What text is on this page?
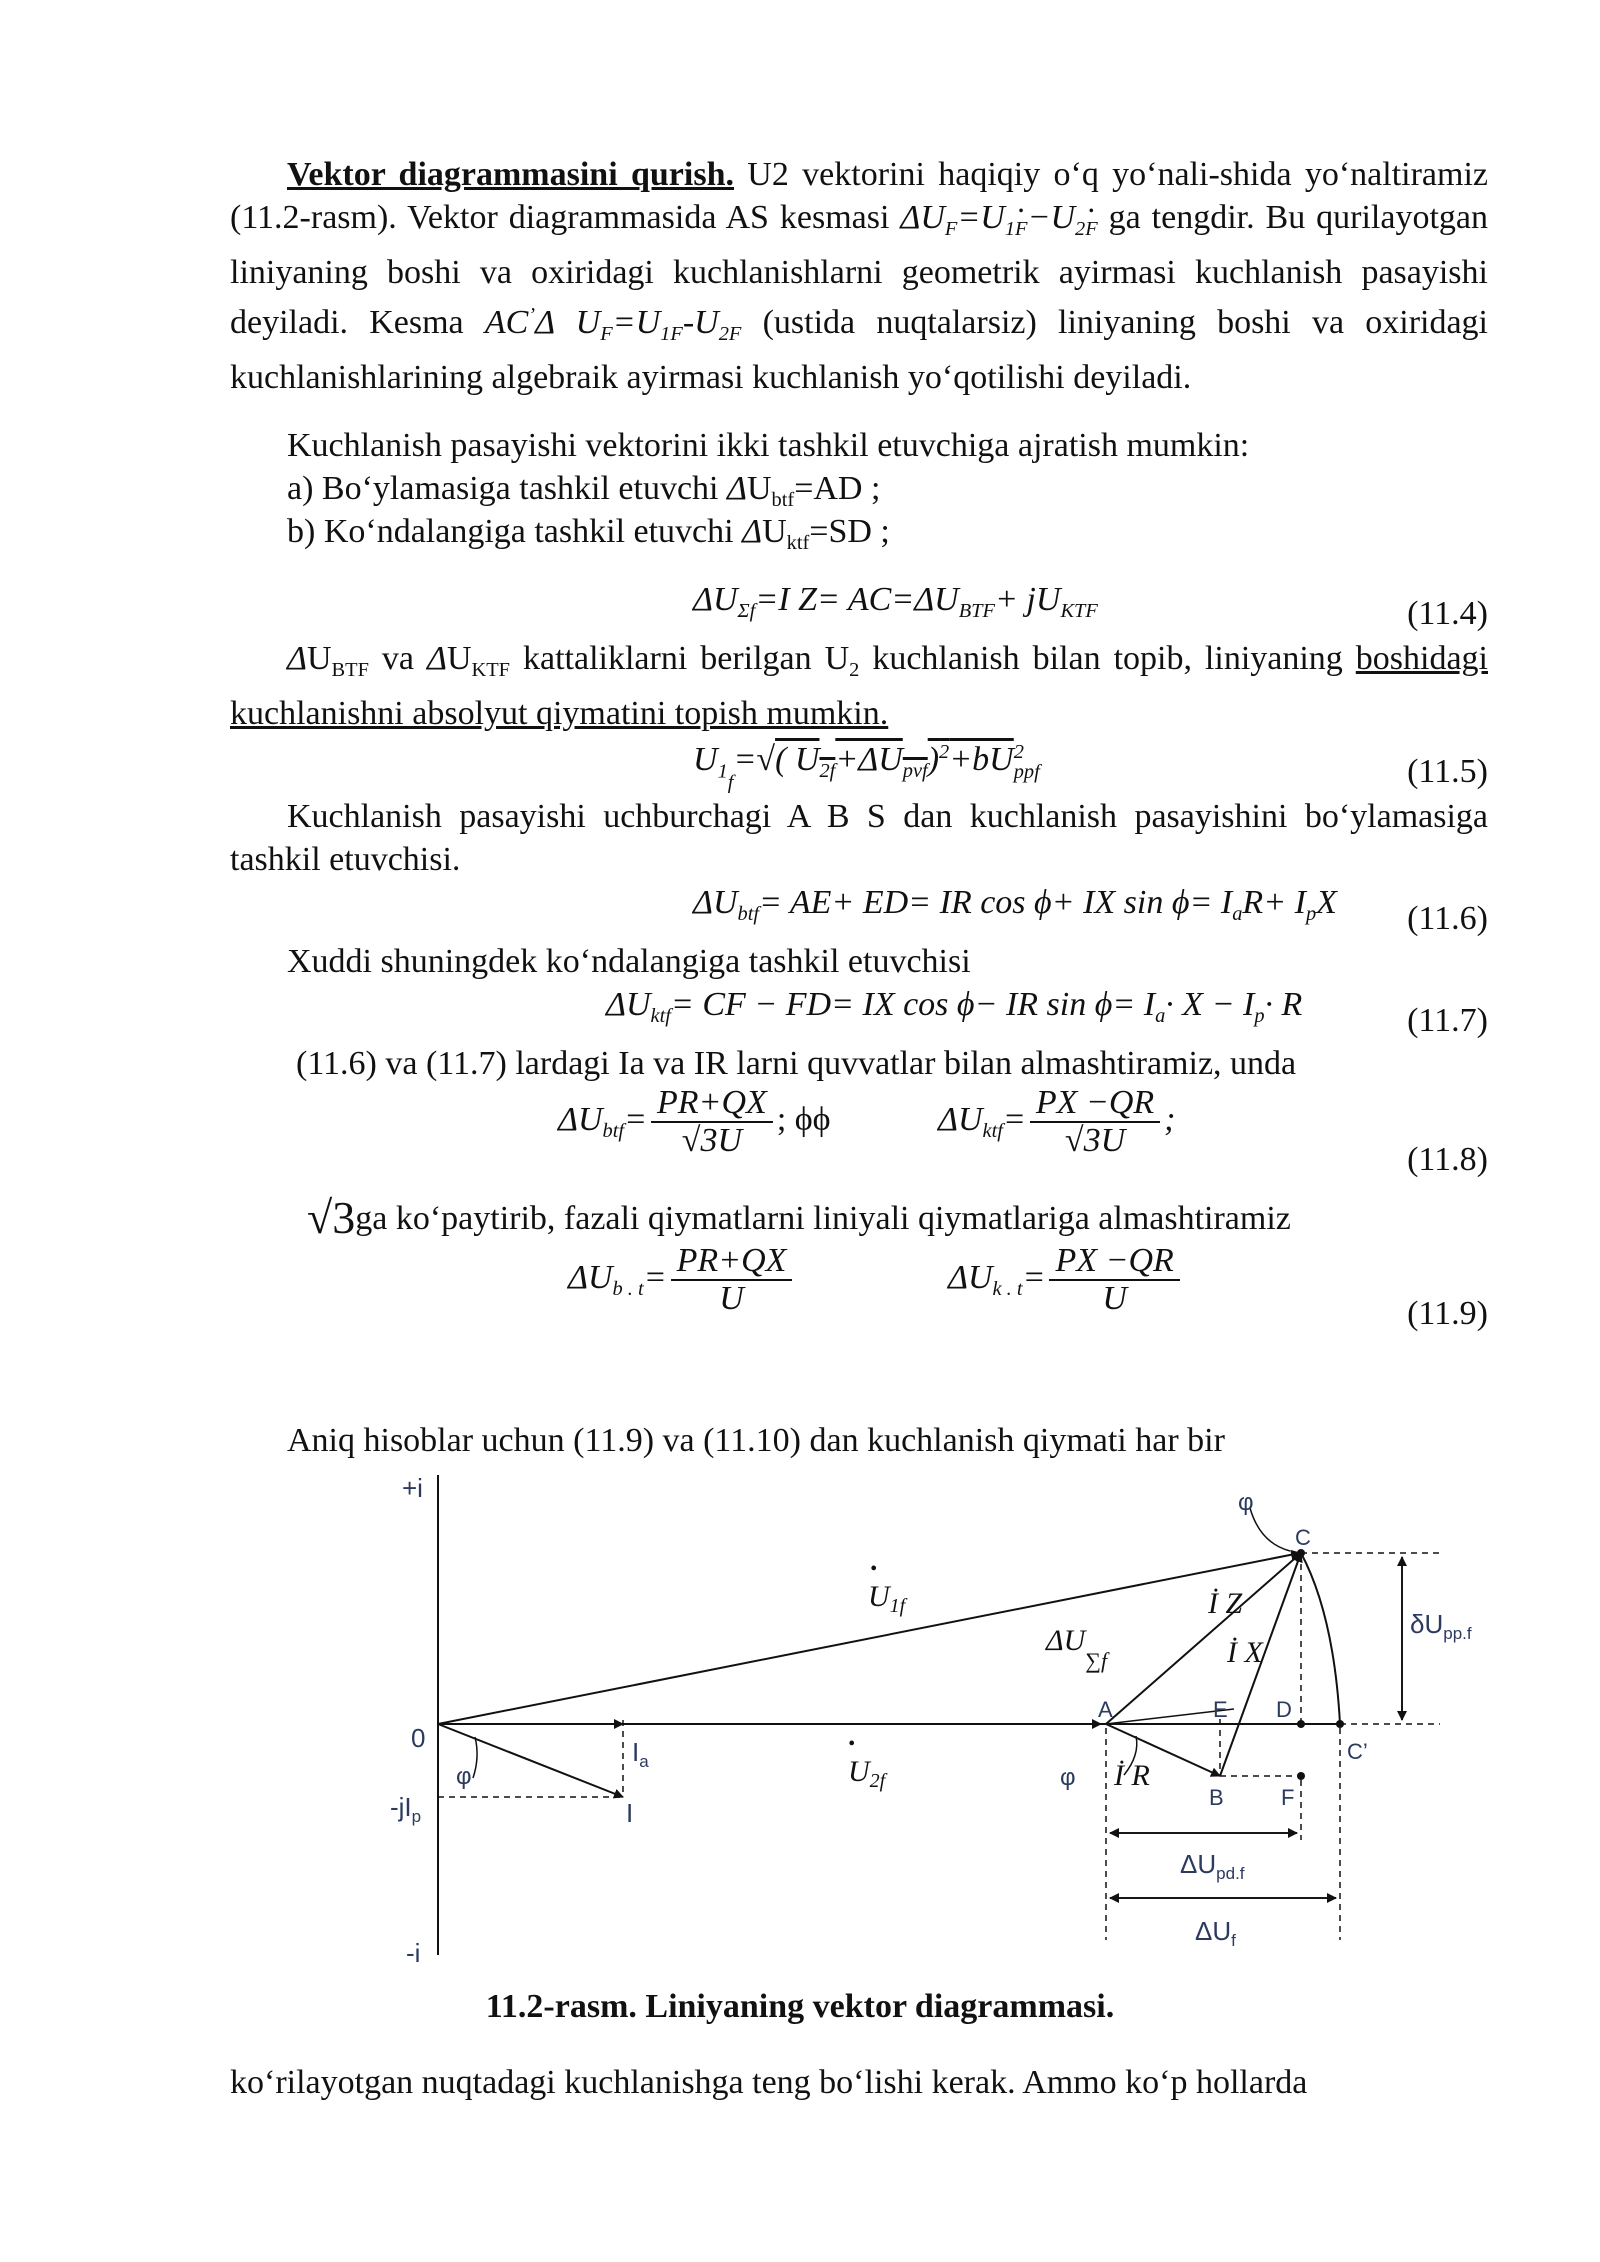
Vektor diagrammasini qurish. U2 vektorini haqiqiy o‘q yo‘nali-shida yo‘naltiramiz (11.2-rasm). Vektor diagrammasida AS kesmasi $\Delta U_F=•$ $U_{1F}-•$ $U_{2F}$ ga tengdir. Bu qurilayotgan liniyaning boshi va oxiridagi kuchlanishlarni geometrik ayirmasi kuchlanish pasayishi deyiladi. Kesma AC’Δ $U_F=U_{1F}-U_{2F}$ (ustida nuqtalarsiz) liniyaning boshi va oxiridagi kuchlanishlarining algebraik ayirmasi kuchlanish yo‘qotilishi deyiladi.
Kuchlanish pasayishi vektorini ikki tashkil etuvchiga ajratish mumkin:
a) Bo‘ylamasiga tashkil etuvchi $\Delta U_{btf}=AD$ ;
b) Ko‘ndalangiga tashkil etuvchi $\Delta U_{ktf}=SD$ ;
$\Delta U_{\Sigma f}=I$ $Z= AC=\Delta U_{BTF}+ jU_{KTF}$	(11.4)
$\Delta U_{BTF}$ va $\Delta U_{KTF}$ kattaliklarni berilgan $U_2$ kuchlanish bilan topib, liniyaning boshidagi kuchlanishni absolyut qiymatini topish mumkin.
$U_{1f}=√$( $U_{2f}+\Delta U_{pvf})^2+bU$ 2
ppf	(11.5)
Kuchlanish pasayishi uchburchagi A B S dan kuchlanish pasayishini bo‘ylamasiga tashkil etuvchisi.
$\Delta U_{btf}= AE+ ED=$ IR cos ϕ+ IX $\sin \phi= I_aR+ I_pX$ (11.6)
Xuddi shuningdek ko‘ndalangiga tashkil etuvchisi
$\Delta U_{ktf}=$ CF − FD= IX cos ϕ− IR $\sin \phi= I_a\cdot X - I_p\cdot R$	(11.7)
(11.6) va (11.7) lardagi Ia va IR larni quvvatlar bilan almashtiramiz, unda
$\Delta U_{btf}= \frac{PR+QX}{√3U}$ ; ϕϕ	$\Delta U_{ktf}= \frac{PX -QR}{√3U}$ ;
(11.8)
√3ga ko‘paytirib, fazali qiymatlarni liniyali qiymatlariga almashtiramiz
$\Delta U_{b . t}= \frac{PR+QX}{U}$	$\Delta U_{k . t}= \frac{PX -QR}{U}$	(11.9)
Aniq hisoblar uchun (11.9) va (11.10) dan kuchlanish qiymati har bir
+i
-i
0
$-jI_p$
$U_{2f}$
•
$I_a$
I
φ
$U_{1f}$
•
φ
φ
$\Delta U_{\sum f}$
İ Z
İ X
İ R
A
B
C
C’
D
E
F
$\delta U_{pp.f}$
$\Delta U_{pd.f}$
$\Delta U_f$
11.2-rasm. Liniyaning vektor diagrammasi.
ko‘rilayotgan nuqtadagi kuchlanishga teng bo‘lishi kerak. Ammo ko‘p hollarda
